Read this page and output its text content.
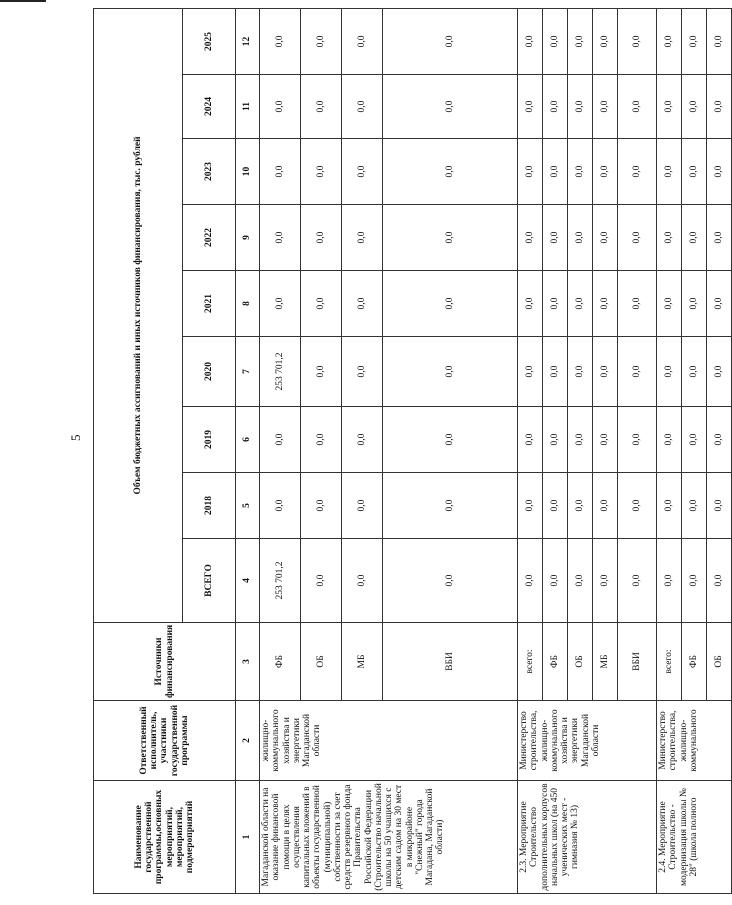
5
Наименование государственной программы,основных мероприятий, мероприятий, подмероприятий	Ответственный исполнитель, участники государственной программы	Источники финансирования	Объем бюджетных ассигнований и иных источников финансирования, тыс. рублей								
			ВСЕГО	2018	2019	2020	2021	2022	2023	2024	2025
1	2	3	4	5	6	7	8	9	10	11	12
Магаданской области на оказание финансовой помощи в целях осуществления капитальных вложений в объекты государственной (муниципальной) собственности за счет средств резервного фонда Правительства Российской Федерации (Строительство начальной школы на 50 учащихся с детским садом на 30 мест в микрорайоне "Снежный" города Магадана, Магаданской области)	жилищно-коммунального хозяйства и энергетики Магаданской области	ФБ	253 701,2	0,0	0,0	253 701,2	0,0	0,0	0,0	0,0	0,0
		ОБ	0,0	0,0	0,0	0,0	0,0	0,0	0,0	0,0	0,0
		МБ	0,0	0,0	0,0	0,0	0,0	0,0	0,0	0,0	0,0
		ВБИ	0,0	0,0	0,0	0,0	0,0	0,0	0,0	0,0	0,0
2.3. Мероприятие Строительство дополнительных корпусов начальных школ (на 450 ученических мест - гимназия № 13)	Министерство строительства, жилищно-коммунального хозяйства и энергетики Магаданской области	всего:	0,0	0,0	0,0	0,0	0,0	0,0	0,0	0,0	0,0
		ФБ	0,0	0,0	0,0	0,0	0,0	0,0	0,0	0,0	0,0
		ОБ	0,0	0,0	0,0	0,0	0,0	0,0	0,0	0,0	0,0
		МБ	0,0	0,0	0,0	0,0	0,0	0,0	0,0	0,0	0,0
		ВБИ	0,0	0,0	0,0	0,0	0,0	0,0	0,0	0,0	0,0
2.4. Мероприятие Строительство - модернизация школы № 28" (школа полного	Министерство строительства, жилищно-коммунального	всего:	0,0	0,0	0,0	0,0	0,0	0,0	0,0	0,0	0,0
		ФБ	0,0	0,0	0,0	0,0	0,0	0,0	0,0	0,0	0,0
		ОБ	0,0	0,0	0,0	0,0	0,0	0,0	0,0	0,0	0,0
